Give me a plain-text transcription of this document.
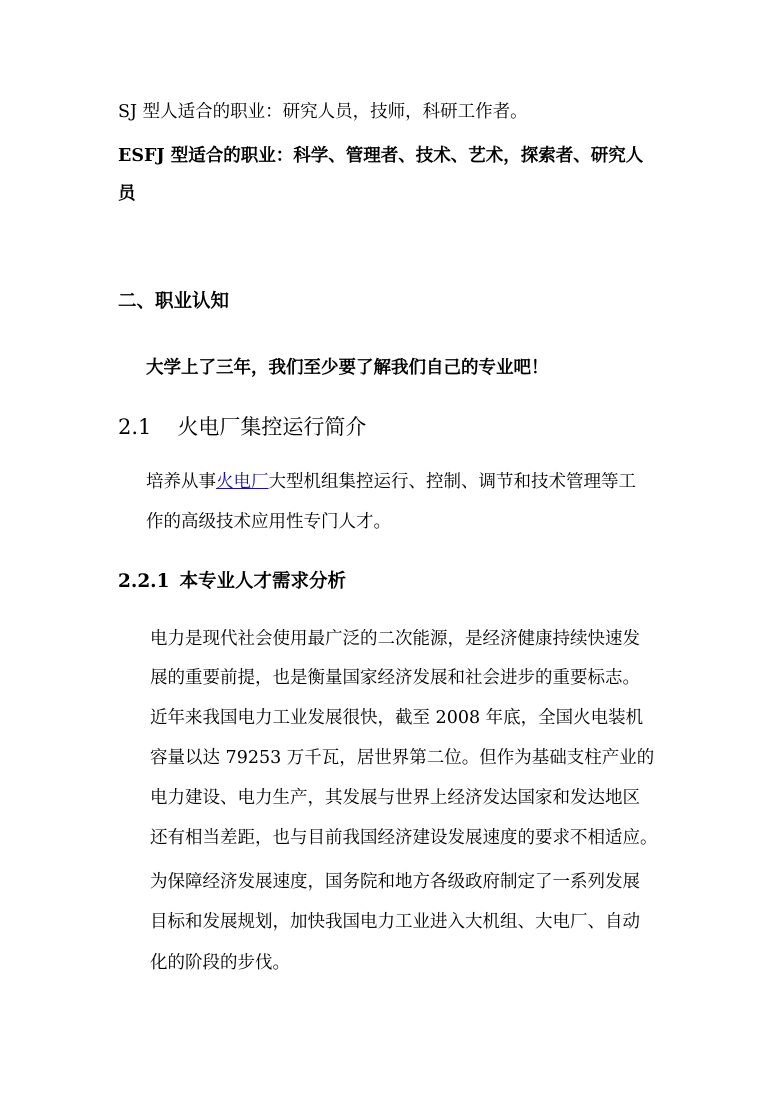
SJ 型人适合的职业：研究人员，技师，科研工作者。
ESFJ 型适合的职业：科学、管理者、技术、艺术，探索者、研究人
员
二、职业认知
大学上了三年，我们至少要了解我们自己的专业吧！
2.1 火电厂集控运行简介
培养从事火电厂大型机组集控运行、控制、调节和技术管理等工
作的高级技术应用性专门人才。
2.2.1 本专业人才需求分析
电力是现代社会使用最广泛的二次能源，是经济健康持续快速发
展的重要前提，也是衡量国家经济发展和社会进步的重要标志。
近年来我国电力工业发展很快，截至 2008 年底，全国火电装机
容量以达 79253 万千瓦，居世界第二位。但作为基础支柱产业的
电力建设、电力生产，其发展与世界上经济发达国家和发达地区
还有相当差距，也与目前我国经济建设发展速度的要求不相适应。
为保障经济发展速度，国务院和地方各级政府制定了一系列发展
目标和发展规划，加快我国电力工业进入大机组、大电厂、自动
化的阶段的步伐。
